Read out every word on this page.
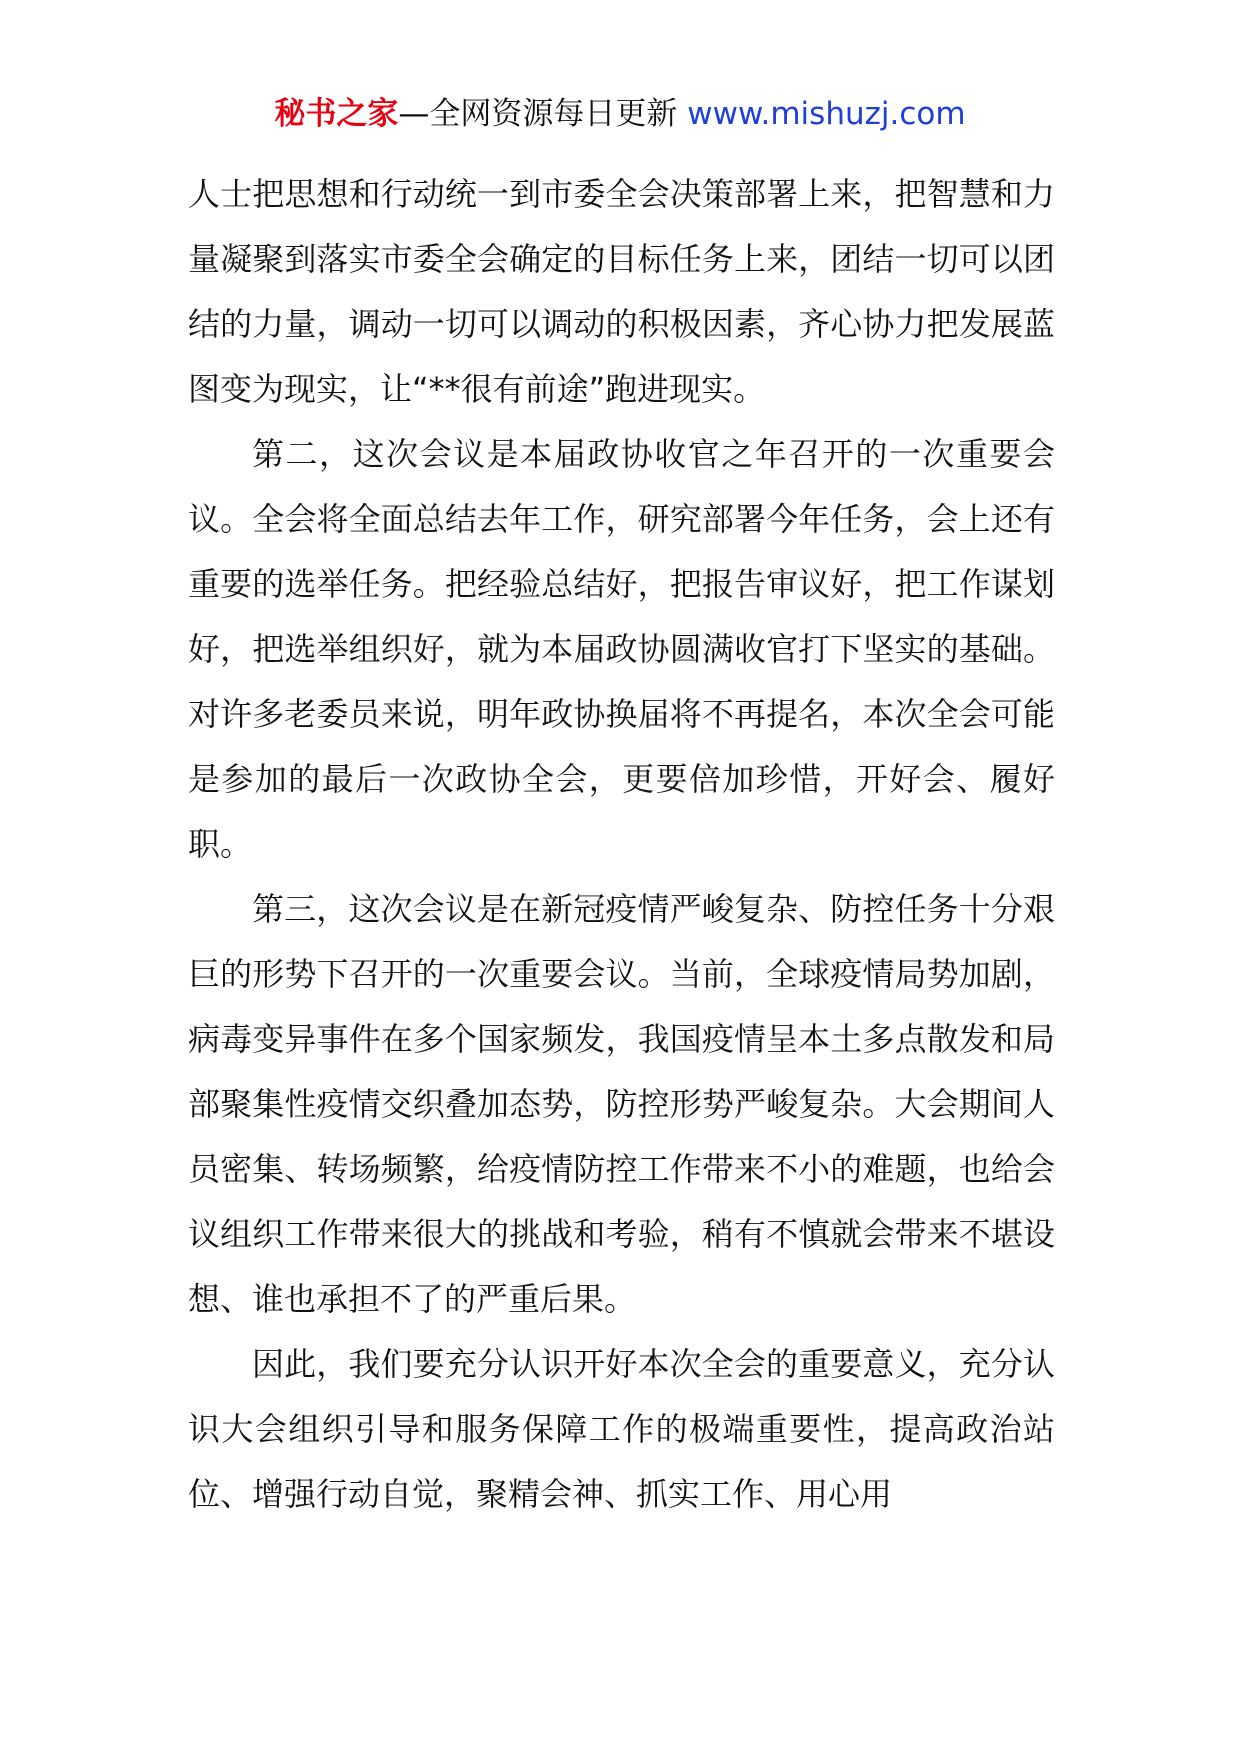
秘书之家—全网资源每日更新 www.mishuzj.com

人士把思想和行动统一到市委全会决策部署上来，把智慧和力量凝聚到落实市委全会确定的目标任务上来，团结一切可以团结的力量，调动一切可以调动的积极因素，齐心协力把发展蓝图变为现实，让“**很有前途”跑进现实。

第二，这次会议是本届政协收官之年召开的一次重要会议。全会将全面总结去年工作，研究部署今年任务，会上还有重要的选举任务。把经验总结好，把报告审议好，把工作谋划好，把选举组织好，就为本届政协圆满收官打下坚实的基础。对许多老委员来说，明年政协换届将不再提名，本次全会可能是参加的最后一次政协全会，更要倍加珍惜，开好会、履好职。

第三，这次会议是在新冠疫情严峻复杂、防控任务十分艰巨的形势下召开的一次重要会议。当前，全球疫情局势加剧，病毒变异事件在多个国家频发，我国疫情呈本土多点散发和局部聚集性疫情交织叠加态势，防控形势严峻复杂。大会期间人员密集、转场频繁，给疫情防控工作带来不小的难题，也给会议组织工作带来很大的挑战和考验，稍有不慎就会带来不堪设想、谁也承担不了的严重后果。

因此，我们要充分认识开好本次全会的重要意义，充分认识大会组织引导和服务保障工作的极端重要性，提高政治站位、增强行动自觉，聚精会神、抓实工作、用心用
